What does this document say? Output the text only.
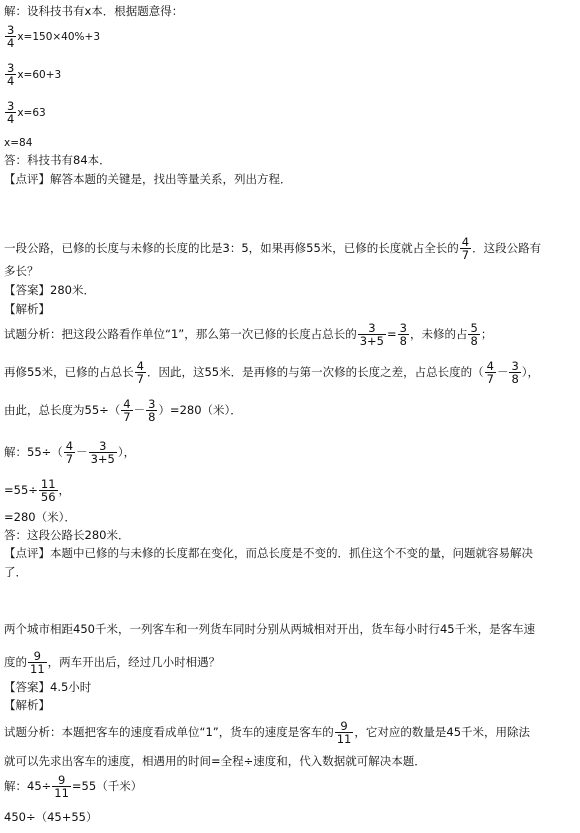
解：设科技书有x本．根据题意得：
$\frac{3}{4} x=150\times 40\%+3$
$\frac{3}{4} x=60+3$
$\frac{3}{4} x=63$
x=84
答：科技书有84本．
【点评】解答本题的关键是，找出等量关系，列出方程．
一段公路，已修的长度与未修的长度的比是3：5，如果再修55米，已修的长度就占全长的 $\frac{4}{7}$ ．这段公路有
多长？
【答案】280米．
【解析】
试题分析：把这段公路看作单位“1”，那么第一次已修的长度占总长的 $\frac{3}{3+5} = \frac{3}{8}$ ，未修的占 $\frac{5}{8}$ ；
再修55米，已修的占总长 $\frac{4}{7}$ ．因此，这55米．是再修的与第一次修的长度之差，占总长度的（ $\frac{4}{7} - \frac{3}{8}$ ），
由此，总长度为$55\div( \frac{4}{7} - \frac{3}{8} )=280$（米）．
解：$55\div( \frac{4}{7} - \frac{3}{3+5}$ ），
$=55\div \frac{11}{56}$ ，
=280（米）．
答：这段公路长280米．
【点评】本题中已修的与未修的长度都在变化，而总长度是不变的．抓住这个不变的量，问题就容易解决
了．
两个城市相距450千米，一列客车和一列货车同时分别从两城相对开出，货车每小时行45千米，是客车速
度的 $\frac{9}{11}$ ，两车开出后，经过几小时相遇？
【答案】4.5小时
【解析】
试题分析：本题把客车的速度看成单位“1”，货车的速度是客车的 $\frac{9}{11}$ ，它对应的数量是45千米，用除法
就可以先求出客车的速度，相遇用的时间=全程÷速度和，代入数据就可解决本题．
解：$45\div \frac{9}{11} =55$（千米）
450÷（45+55）
